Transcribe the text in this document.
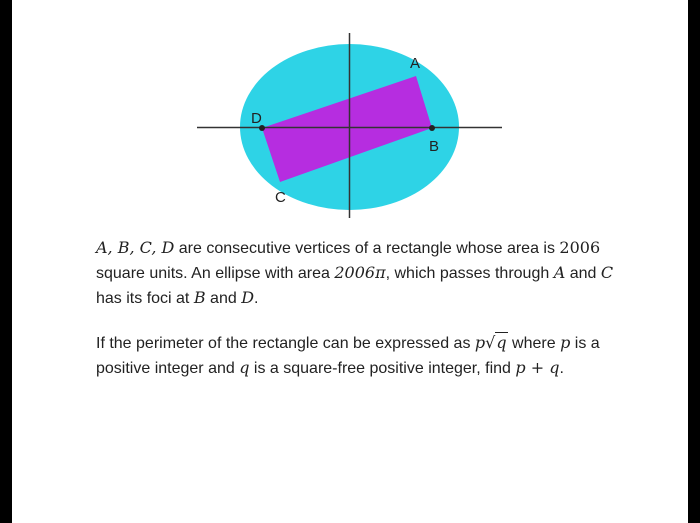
A
B
C
D

A, B, C, D are consecutive vertices of a rectangle whose area is 2006 square units. An ellipse with area 2006π, which passes through A and C has its foci at B and D.

If the perimeter of the rectangle can be expressed as p√q where p is a positive integer and q is a square-free positive integer, find p + q.
